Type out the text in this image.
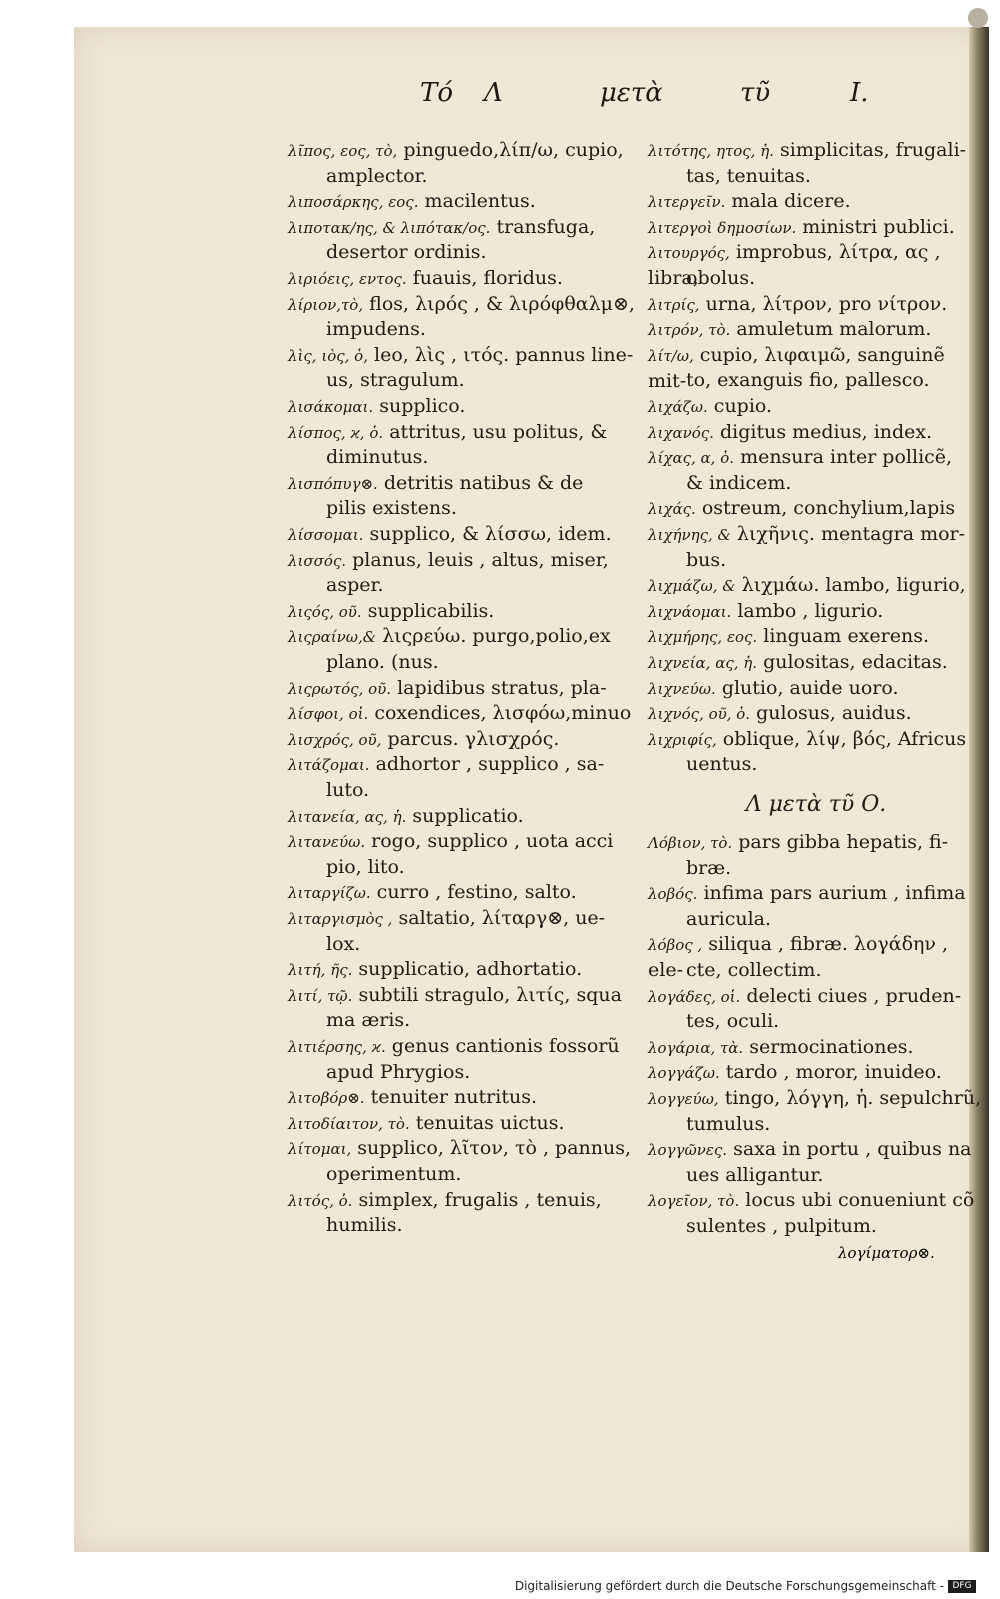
Τό Λ	μετὰ	τῦ	Ι.
λῖπος, εος, τὸ, pinguedo,λίπ/ω, cupio,
amplector.
λιποσάρκης, εος. macilentus.
λιποτακ/ης, & λιπότακ/ος. transfuga,
desertor ordinis.
λιριόεις, εντος. fuauis, floridus.
λίριον,τὸ, flos, λιρός , & λιρόφθαλμ⊗,
impudens.
λὶς, ιὸς, ὁ, leo, λὶς , ιτός. pannus line-
us, stragulum.
λισάκομαι. supplico.
λίσπος, ϰ, ὁ. attritus, usu politus, &
diminutus.
λισπόπυγ⊗. detritis natibus & de
pilis existens.
λίσσομαι. supplico, & λίσσω, idem.
λισσός. planus, leuis , altus, miser,
asper.
λιςός, οῦ. supplicabilis.
λιςραίνω,& λιςρεύω. purgo,polio,ex
plano. (nus.
λιςρωτός, οῦ. lapidibus stratus, pla-
λίσφοι, οἱ. coxendices, λισφόω,minuo
λισχρός, οῦ, parcus. γλισχρός.
λιτάζομαι. adhortor , supplico , sa-
luto.
λιτανεία, ας, ἡ. supplicatio.
λιτανεύω. rogo, supplico , uota acci
pio, lito.
λιταργίζω. curro , festino, salto.
λιταργισμὸς , saltatio, λίταργ⊗, ue-
lox.
λιτή, ῆς. supplicatio, adhortatio.
λιτί, τῷ. subtili stragulo, λιτίς, squa
ma æris.
λιτιέρσης, ϰ. genus cantionis fossorũ
apud Phrygios.
λιτοβόρ⊗. tenuiter nutritus.
λιτοδίαιτον, τὸ. tenuitas uictus.
λίτομαι, supplico, λῖτον, τὸ , pannus,
operimentum.
λιτός, ὁ. simplex, frugalis , tenuis,
humilis.
λιτότης, ητος, ἡ. simplicitas, frugali-
tas, tenuitas.
λιτεργεῖν. mala dicere.
λιτεργοὶ δημοσίων. ministri publici.
λιτουργός, improbus, λίτρα, ας , libra,
obolus.
λιτρίς, urna, λίτρον, pro νίτρον.
λιτρόν, τὸ. amuletum malorum.
λίτ/ω, cupio, λιφαιμῶ, sanguinẽ mit- to, exanguis fio, pallesco.
λιχάζω. cupio.
λιχανός. digitus medius, index.
λίχας, α, ὁ. mensura inter pollicẽ,
& indicem.
λιχάς. ostreum, conchylium,lapis
λιχήνης, & λιχῆνις. mentagra mor-
bus.
λιχμάζω, & λιχμάω. lambo, ligurio,
λιχνάομαι. lambo , ligurio.
λιχμήρης, εος. linguam exerens.
λιχνεία, ας, ἡ. gulositas, edacitas.
λιχνεύω. glutio, auide uoro.
λιχνός, οῦ, ὁ. gulosus, auidus.
λιχριφίς, oblique, λίψ, βός, Africus
uentus.
Λ μετὰ τῦ Ο.
Λόβιον, τὸ. pars gibba hepatis, fi-
bræ.
λοβός. infima pars aurium , infima
auricula.
λόβος , siliqua , fibræ. λογάδην , ele- cte, collectim.
λογάδες, οἱ. delecti ciues , pruden-
tes, oculi.
λογάρια, τὰ. sermocinationes.
λογγάζω. tardo , moror, inuideo.
λογγεύω, tingo, λόγγη, ἡ. sepulchrũ,
tumulus.
λογγῶνες. saxa in portu , quibus na
ues alligantur.
λογεῖον, τὸ. locus ubi conueniunt cõ
sulentes , pulpitum.
λογίματορ⊗.
Digitalisierung gefördert durch die Deutsche Forschungsgemeinschaft - DFG
